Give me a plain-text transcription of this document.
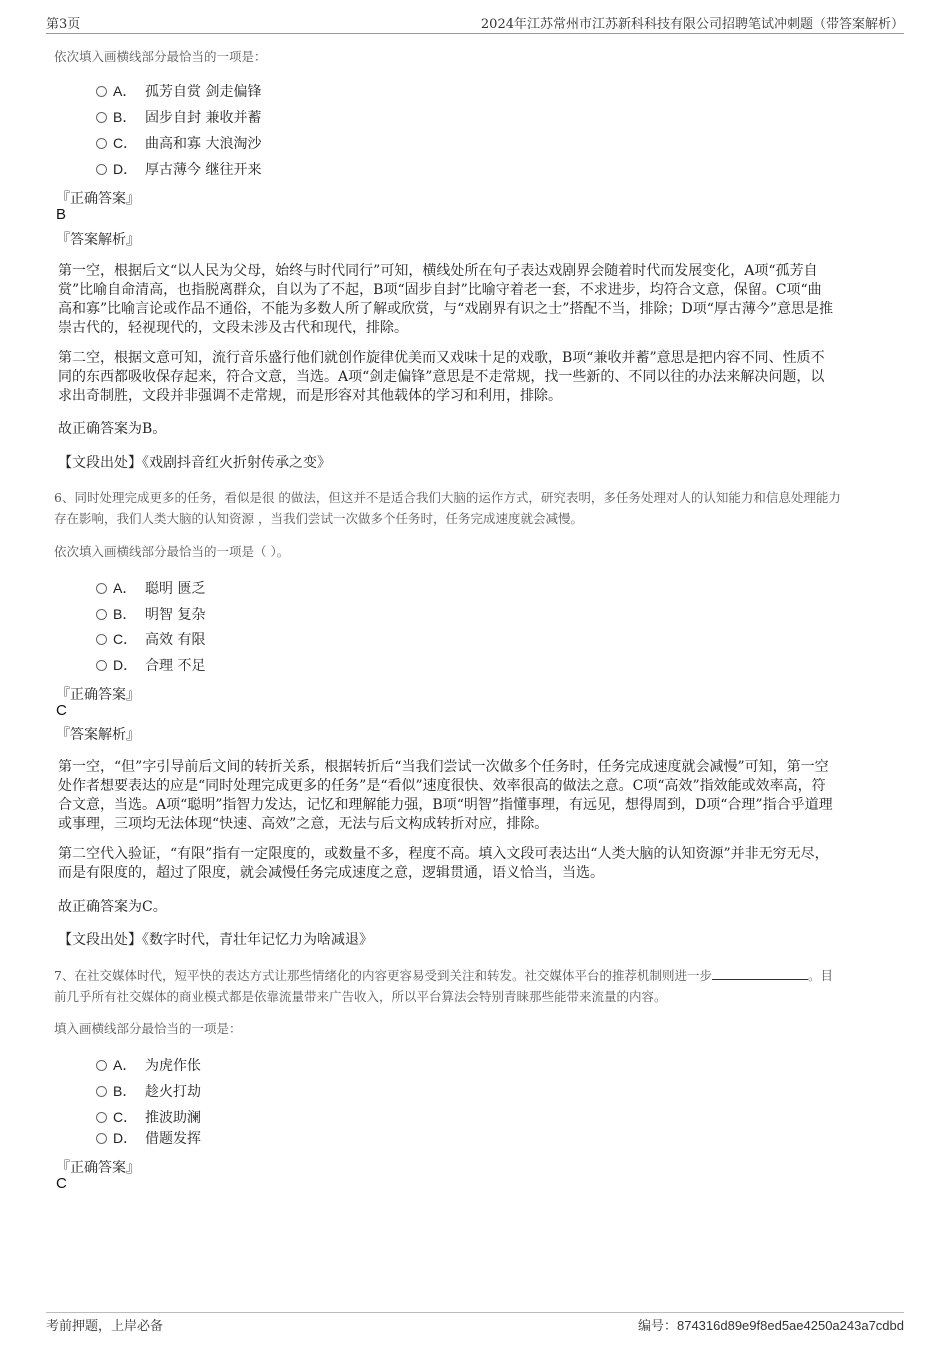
第3页	2024年江苏常州市江苏新科科技有限公司招聘笔试冲刺题（带答案解析）
依次填入画横线部分最恰当的一项是：
A． 孤芳自赏 剑走偏锋
B． 固步自封 兼收并蓄
C． 曲高和寡 大浪淘沙
D． 厚古薄今 继往开来
『正确答案』
B
『答案解析』
第一空，根据后文“以人民为父母，始终与时代同行”可知，横线处所在句子表达戏剧界会随着时代而发展变化，A项“孤芳自
赏”比喻自命清高，也指脱离群众，自以为了不起，B项“固步自封”比喻守着老一套，不求进步，均符合文意，保留。C项“曲
高和寡”比喻言论或作品不通俗，不能为多数人所了解或欣赏，与“戏剧界有识之士”搭配不当，排除；D项“厚古薄今”意思是推
崇古代的，轻视现代的，文段未涉及古代和现代，排除。
第二空，根据文意可知，流行音乐盛行他们就创作旋律优美而又戏味十足的戏歌，B项“兼收并蓄”意思是把内容不同、性质不
同的东西都吸收保存起来，符合文意，当选。A项“剑走偏锋”意思是不走常规，找一些新的、不同以往的办法来解决问题，以
求出奇制胜，文段并非强调不走常规，而是形容对其他载体的学习和利用，排除。
故正确答案为B。
【文段出处】《戏剧抖音红火折射传承之变》
6、同时处理完成更多的任务，看似是很 的做法，但这并不是适合我们大脑的运作方式，研究表明，多任务处理对人的认知能力和信息处理能力
存在影响，我们人类大脑的认知资源 ，当我们尝试一次做多个任务时，任务完成速度就会减慢。
依次填入画横线部分最恰当的一项是（ ）。
A． 聪明 匮乏
B． 明智 复杂
C． 高效 有限
D． 合理 不足
『正确答案』
C
『答案解析』
第一空，“但”字引导前后文间的转折关系，根据转折后“当我们尝试一次做多个任务时，任务完成速度就会减慢”可知，第一空
处作者想要表达的应是“同时处理完成更多的任务”是“看似”速度很快、效率很高的做法之意。C项“高效”指效能或效率高，符
合文意，当选。A项“聪明”指智力发达，记忆和理解能力强，B项“明智”指懂事理，有远见，想得周到，D项“合理”指合乎道理
或事理，三项均无法体现“快速、高效”之意，无法与后文构成转折对应，排除。
第二空代入验证，“有限”指有一定限度的，或数量不多，程度不高。填入文段可表达出“人类大脑的认知资源”并非无穷无尽，
而是有限度的，超过了限度，就会减慢任务完成速度之意，逻辑贯通，语义恰当，当选。
故正确答案为C。
【文段出处】《数字时代，青壮年记忆力为啥减退》
7、在社交媒体时代，短平快的表达方式让那些情绪化的内容更容易受到关注和转发。社交媒体平台的推荐机制则进一步	。目
前几乎所有社交媒体的商业模式都是依靠流量带来广告收入，所以平台算法会特别青睐那些能带来流量的内容。
填入画横线部分最恰当的一项是：
A． 为虎作伥
B． 趁火打劫
C． 推波助澜
D． 借题发挥
『正确答案』
C
考前押题，上岸必备	编号：874316d89e9f8ed5ae4250a243a7cdbd
